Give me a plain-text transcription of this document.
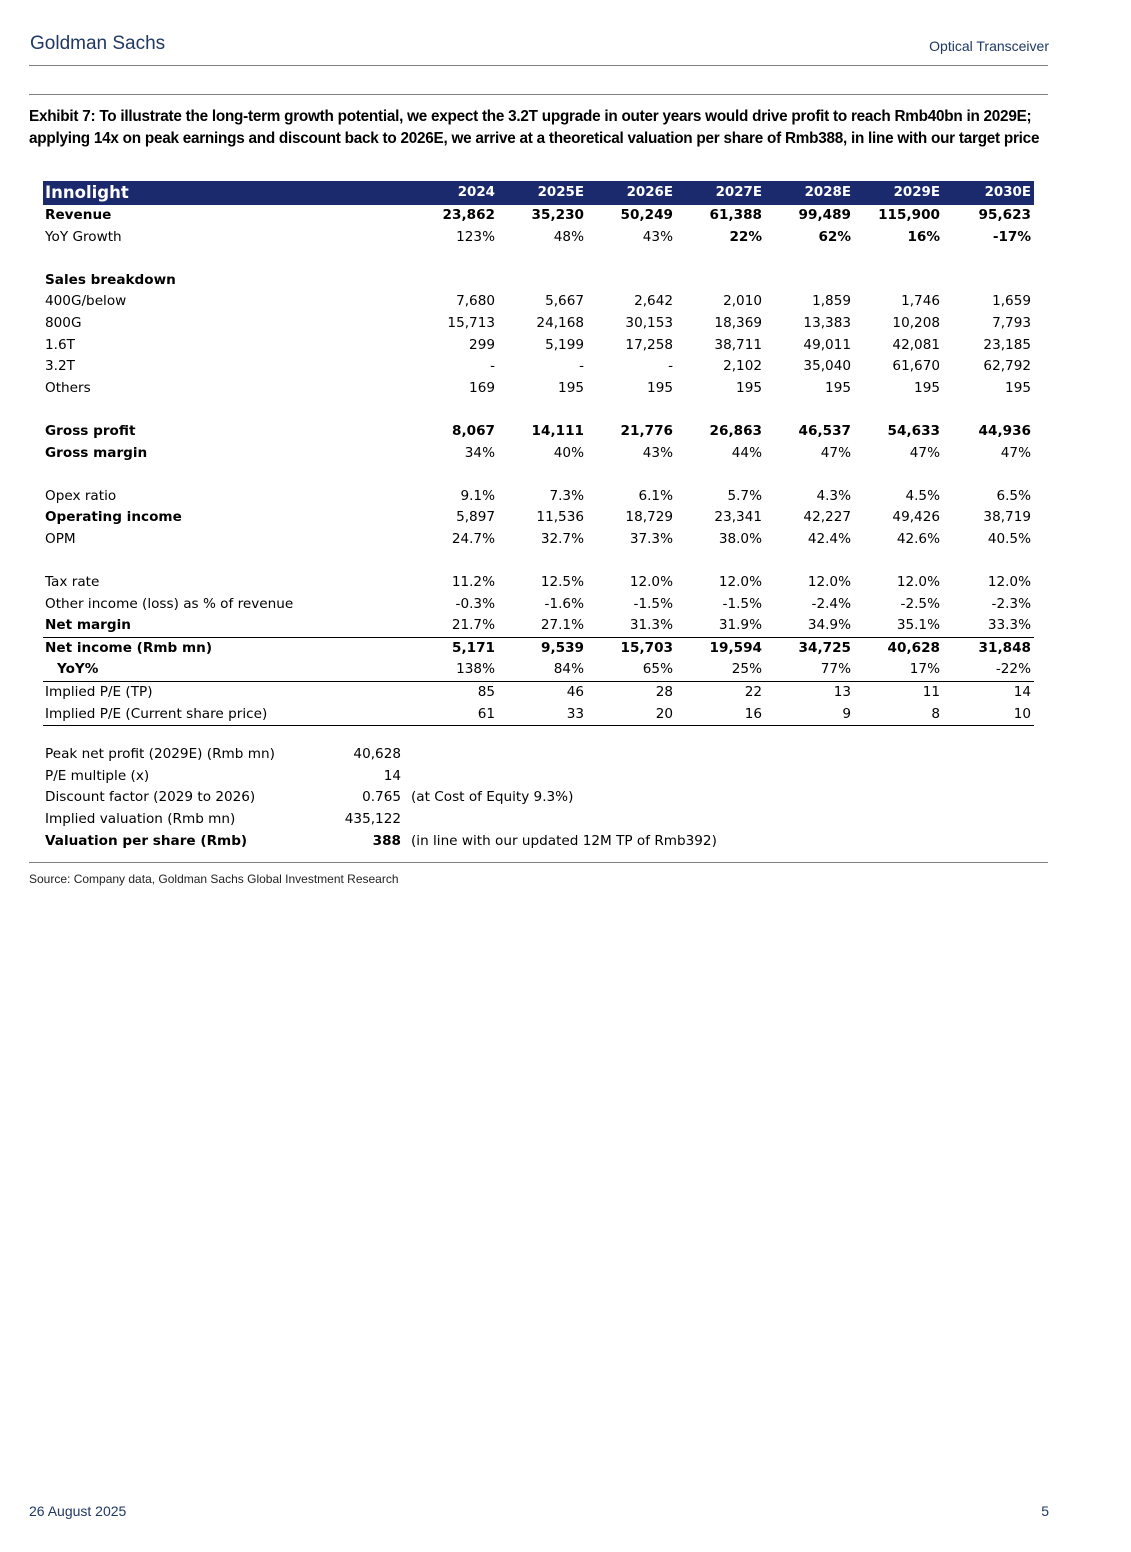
Goldman Sachs	Optical Transceiver
Exhibit 7: To illustrate the long-term growth potential, we expect the 3.2T upgrade in outer years would drive profit to reach Rmb40bn in 2029E; applying 14x on peak earnings and discount back to 2026E, we arrive at a theoretical valuation per share of Rmb388, in line with our target price
Innolight	2024	2025E	2026E	2027E	2028E	2029E	2030E
Revenue	23,862	35,230	50,249	61,388	99,489	115,900	95,623
YoY Growth	123%	48%	43%	22%	62%	16%	-17%

Sales breakdown							
400G/below	7,680	5,667	2,642	2,010	1,859	1,746	1,659
800G	15,713	24,168	30,153	18,369	13,383	10,208	7,793
1.6T	299	5,199	17,258	38,711	49,011	42,081	23,185
3.2T	-	-	-	2,102	35,040	61,670	62,792
Others	169	195	195	195	195	195	195

Gross profit	8,067	14,111	21,776	26,863	46,537	54,633	44,936
Gross margin	34%	40%	43%	44%	47%	47%	47%

Opex ratio	9.1%	7.3%	6.1%	5.7%	4.3%	4.5%	6.5%
Operating income	5,897	11,536	18,729	23,341	42,227	49,426	38,719
OPM	24.7%	32.7%	37.3%	38.0%	42.4%	42.6%	40.5%

Tax rate	11.2%	12.5%	12.0%	12.0%	12.0%	12.0%	12.0%
Other income (loss) as % of revenue	-0.3%	-1.6%	-1.5%	-1.5%	-2.4%	-2.5%	-2.3%
Net margin	21.7%	27.1%	31.3%	31.9%	34.9%	35.1%	33.3%
Net income (Rmb mn)	5,171	9,539	15,703	19,594	34,725	40,628	31,848
YoY%	138%	84%	65%	25%	77%	17%	-22%
Implied P/E (TP)	85	46	28	22	13	11	14
Implied P/E (Current share price)	61	33	20	16	9	8	10
Peak net profit (2029E) (Rmb mn)	40,628	
P/E multiple (x)	14	
Discount factor (2029 to 2026)	0.765	(at Cost of Equity 9.3%)
Implied valuation (Rmb mn)	435,122	
Valuation per share (Rmb)	388	(in line with our updated 12M TP of Rmb392)
Source: Company data, Goldman Sachs Global Investment Research
26 August 2025	5
